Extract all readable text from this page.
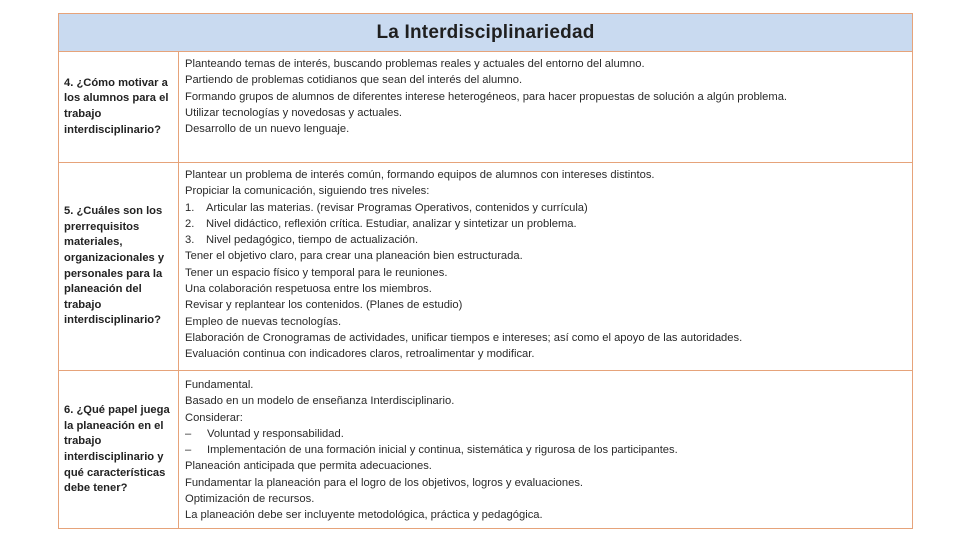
La Interdisciplinariedad
4. ¿Cómo motivar a los alumnos para el trabajo interdisciplinario?
Planteando temas de interés, buscando problemas reales y actuales del entorno del alumno.
Partiendo de problemas cotidianos que sean del interés del alumno.
Formando grupos de alumnos de diferentes interese heterogéneos, para hacer propuestas de solución a algún problema.
Utilizar tecnologías y novedosas y actuales.
Desarrollo de un nuevo lenguaje.
5. ¿Cuáles son los prerrequisitos materiales, organizacionales y personales para la planeación del trabajo interdisciplinario?
Plantear un problema de interés común, formando equipos de alumnos con intereses distintos.
Propiciar la comunicación, siguiendo tres niveles:
1. Articular las materias. (revisar Programas Operativos, contenidos y currícula)
2. Nivel didáctico, reflexión crítica. Estudiar, analizar y sintetizar un problema.
3. Nivel pedagógico, tiempo de actualización.
Tener el objetivo claro, para crear una planeación bien estructurada.
Tener un espacio físico y temporal para le reuniones.
Una colaboración respetuosa entre los miembros.
Revisar y replantear los contenidos. (Planes de estudio)
Empleo de nuevas tecnologías.
Elaboración de Cronogramas de actividades, unificar tiempos e intereses; así como el apoyo de las autoridades.
Evaluación continua con indicadores claros, retroalimentar y modificar.
6. ¿Qué papel juega la planeación en el trabajo interdisciplinario y qué características debe tener?
Fundamental.
Basado en un modelo de enseñanza Interdisciplinario.
Considerar:
– Voluntad y responsabilidad.
– Implementación de una formación inicial y continua, sistemática y rigurosa de los participantes.
Planeación anticipada que permita adecuaciones.
Fundamentar la planeación para el logro de los objetivos, logros y evaluaciones.
Optimización de recursos.
La planeación debe ser incluyente metodológica, práctica y pedagógica.
